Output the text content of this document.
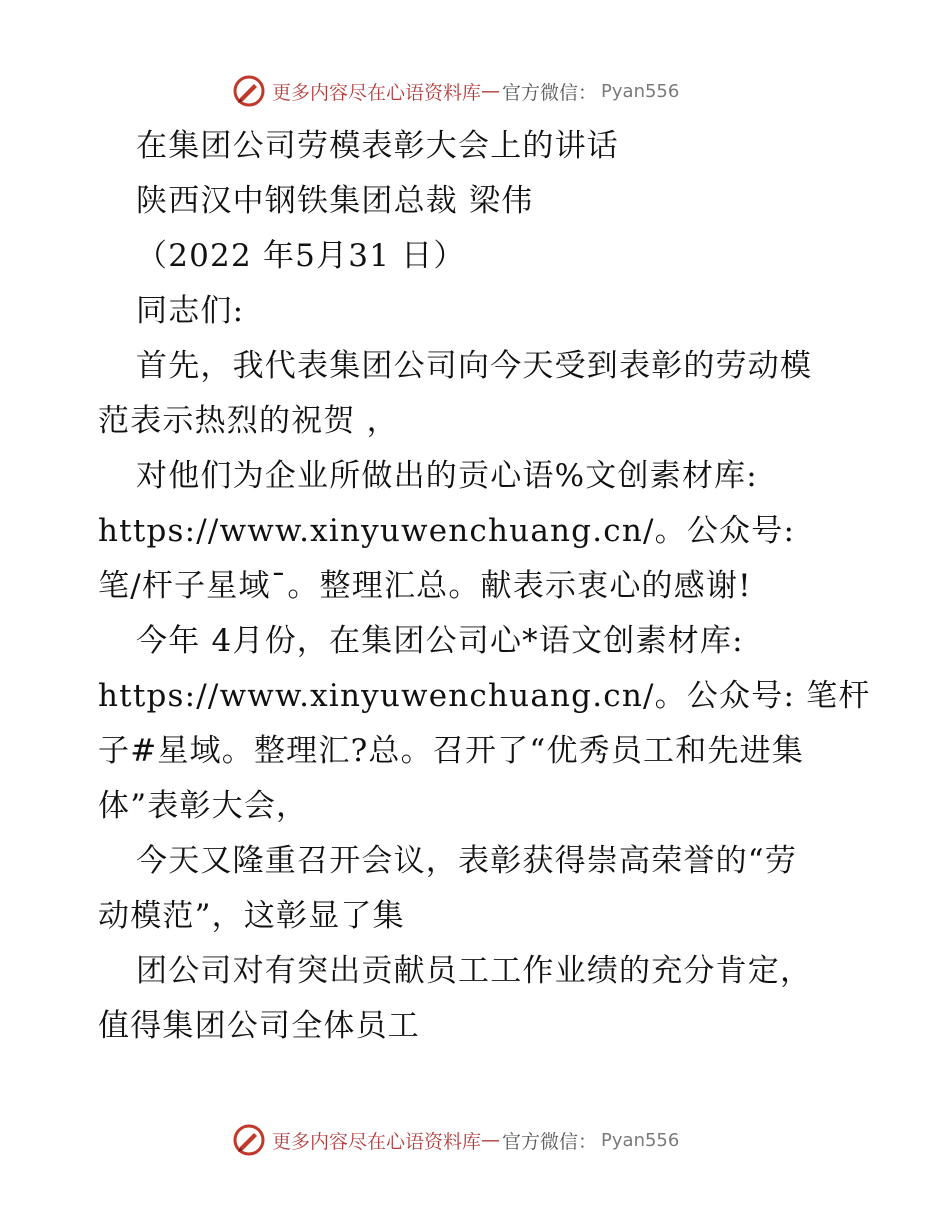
更多内容尽在心语资料库 — 官方微信： Pyan556
在集团公司劳模表彰大会上的讲话
陕西汉中钢铁集团总裁 梁伟
（2022 年5月31 日）
同志们:
首先，我代表集团公司向今天受到表彰的劳动模
范表示热烈的祝贺 ，
对他们为企业所做出的贡心语%文创素材库:
https://www.xinyuwenchuang.cn/。公众号:
笔/杆子星域¯。整理汇总。献表示衷心的感谢!
今年 4月份，在集团公司心*语文创素材库:
https://www.xinyuwenchuang.cn/。公众号: 笔杆
子#星域。整理汇?总。召开了“优秀员工和先进集
体”表彰大会，
今天又隆重召开会议，表彰获得崇高荣誉的“劳
动模范”，这彰显了集
团公司对有突出贡献员工工作业绩的充分肯定，
值得集团公司全体员工
更多内容尽在心语资料库 — 官方微信： Pyan556
